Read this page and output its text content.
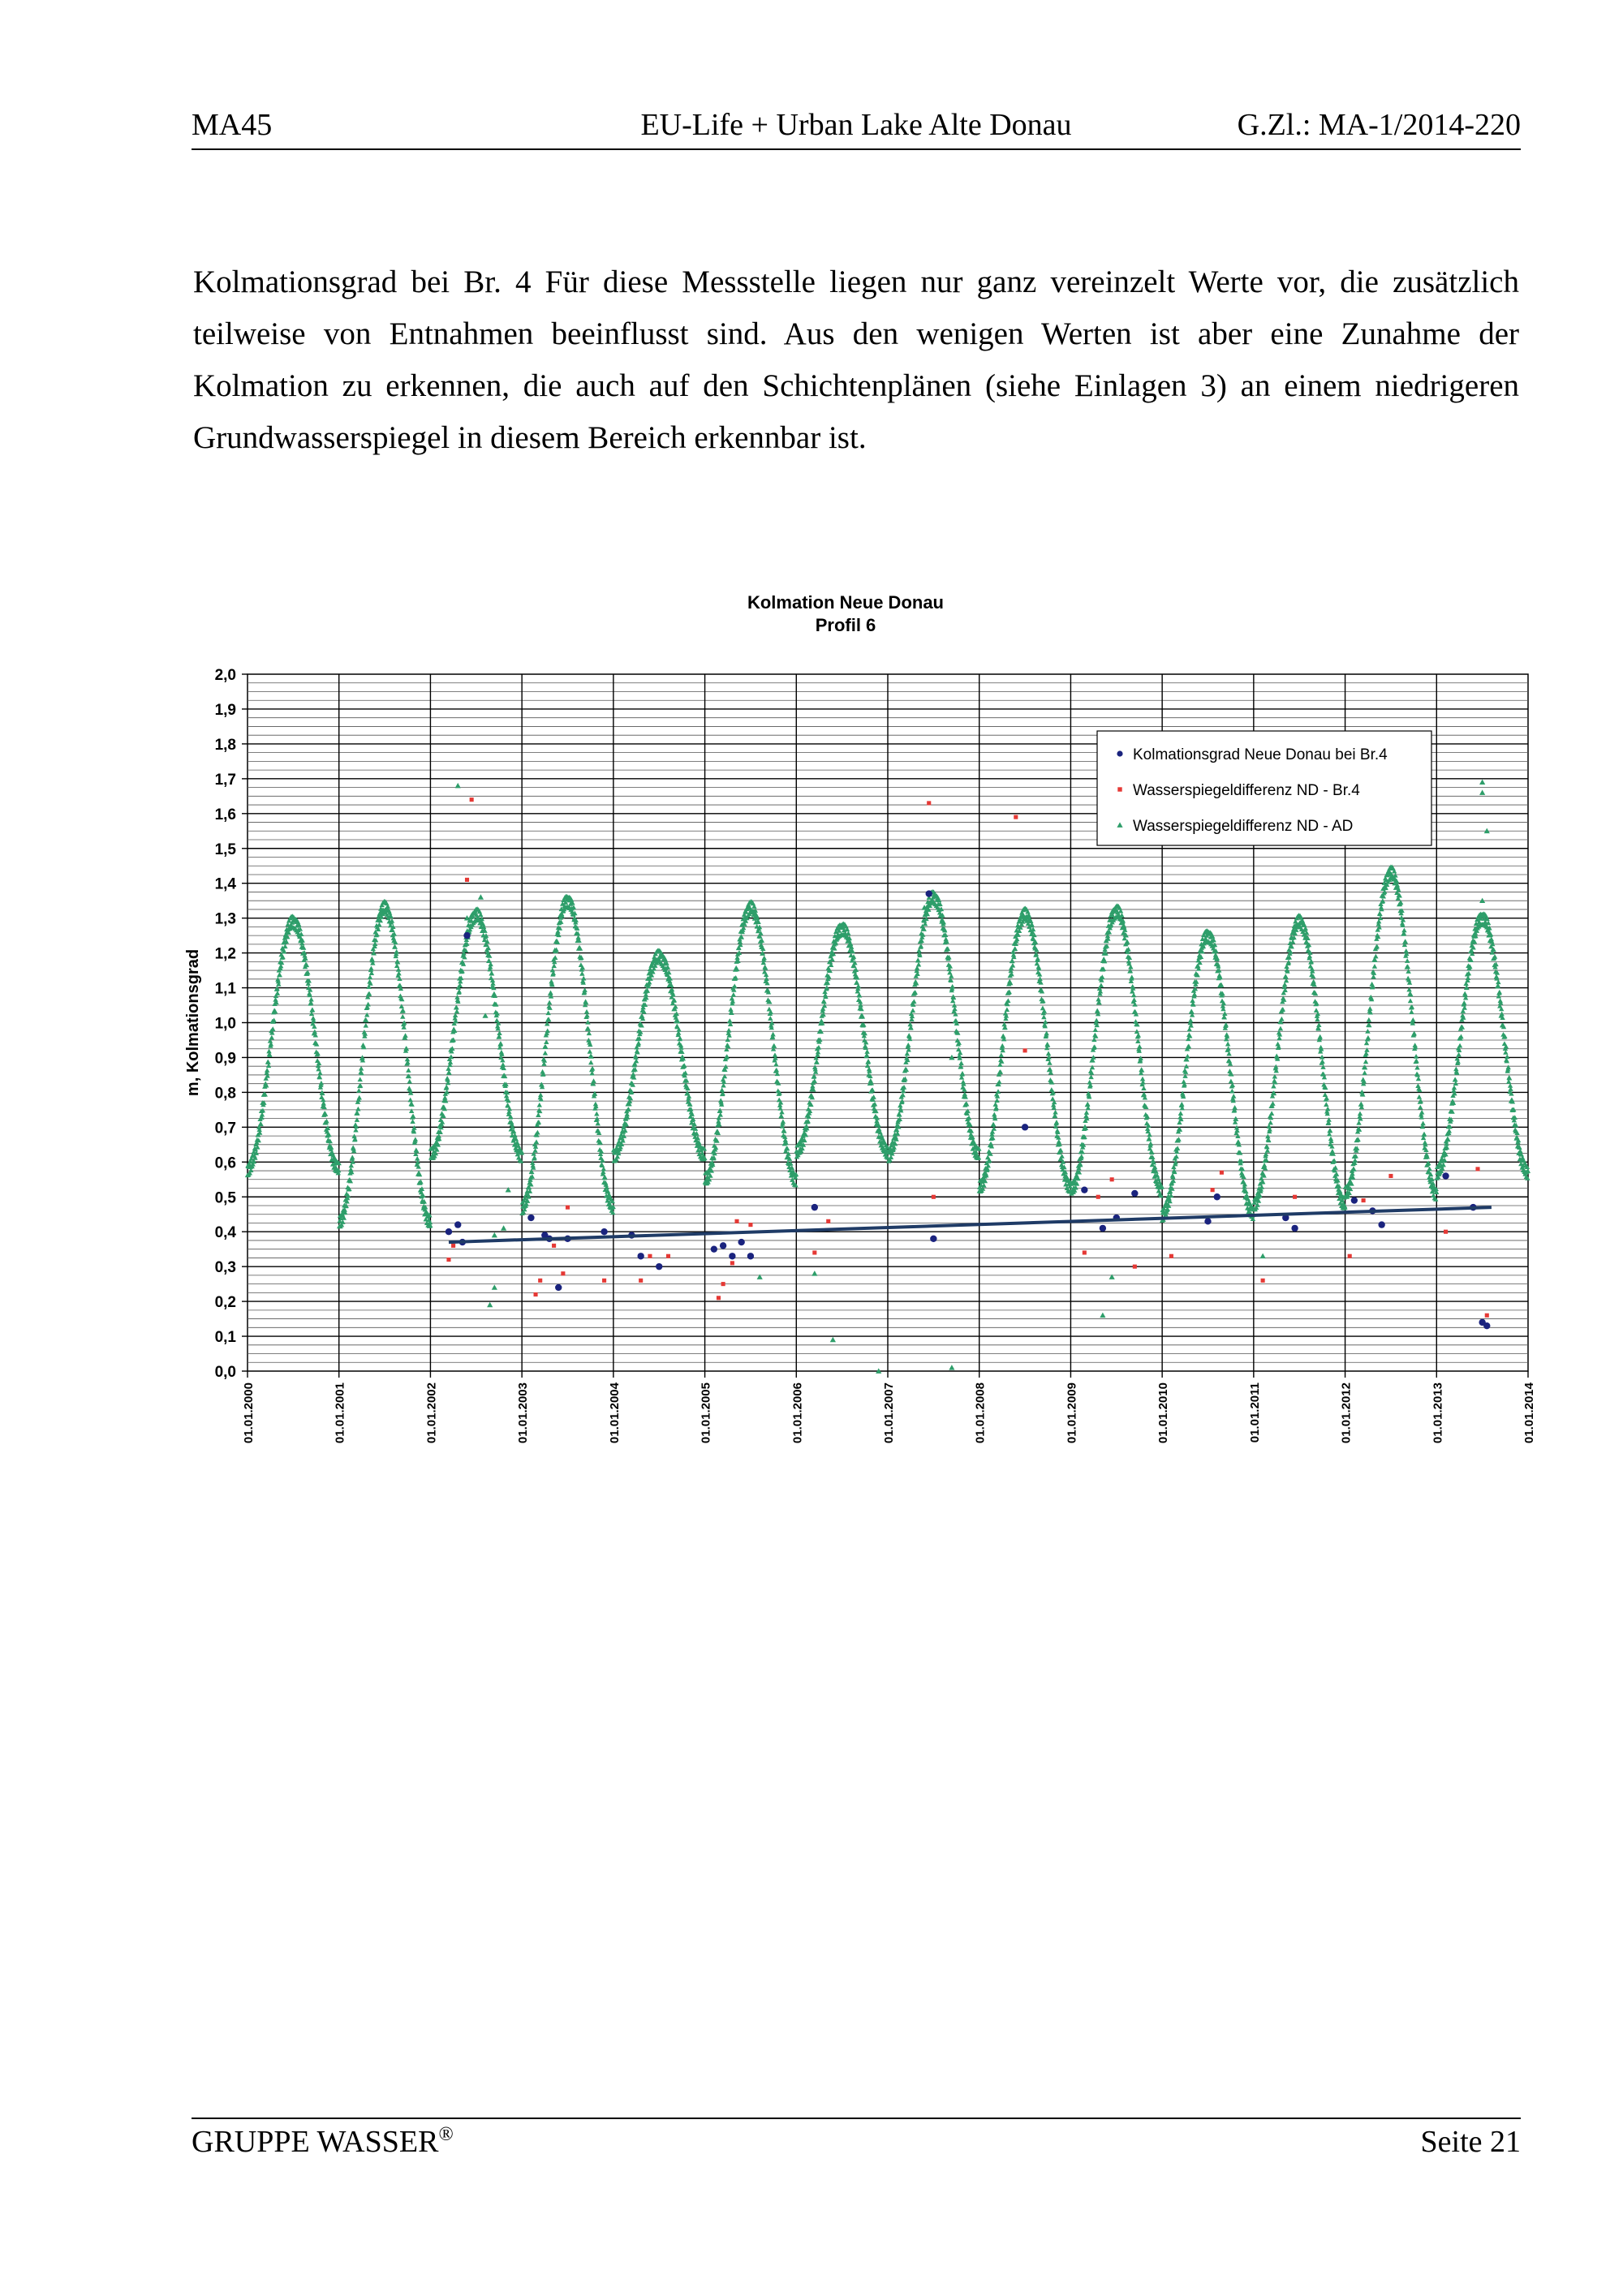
MA45	EU-Life + Urban Lake Alte Donau	G.Zl.: MA-1/2014-220

Kolmationsgrad bei Br. 4 Für diese Messstelle liegen nur ganz vereinzelt Werte vor, die zusätzlich teilweise von Entnahmen beeinflusst sind. Aus den wenigen Werten ist aber eine Zunahme der Kolmation zu erkennen, die auch auf den Schichtenplänen (siehe Einlagen 3) an einem niedrigeren Grundwasserspiegel in diesem Bereich erkennbar ist.

Kolmation Neue Donau
Profil 6
Kolmationsgrad Neue Donau bei Br.4
Wasserspiegeldifferenz ND - Br.4
Wasserspiegeldifferenz ND - AD
0,0
0,1
0,2
0,3
0,4
0,5
0,6
0,7
0,8
0,9
1,0
1,1
1,2
1,3
1,4
1,5
1,6
1,7
1,8
1,9
2,0
01.01.2000	01.01.2001	01.01.2002	01.01.2003	01.01.2004	01.01.2005	01.01.2006	01.01.2007	01.01.2008	01.01.2009	01.01.2010	01.01.2011	01.01.2012	01.01.2013	01.01.2014
m, Kolmationsgrad
GRUPPE WASSER®	Seite 21
